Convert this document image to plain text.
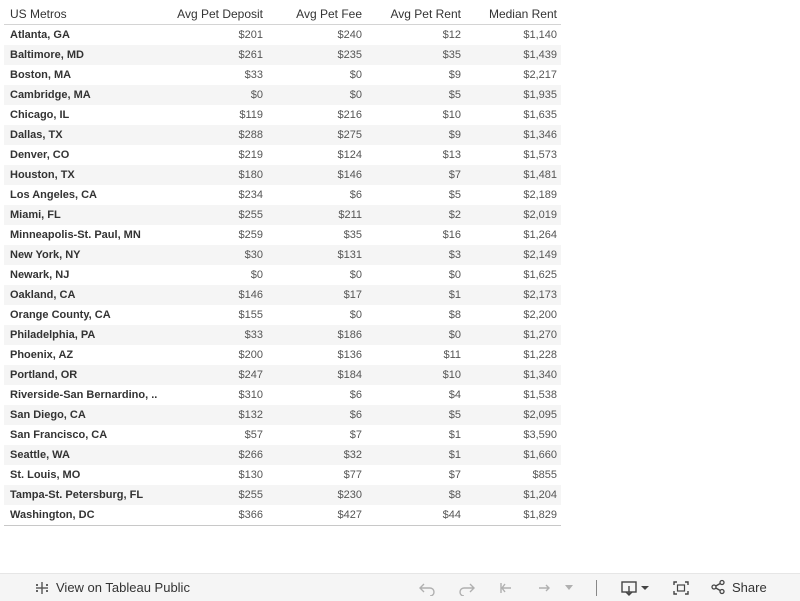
US Metros	Avg Pet Deposit	Avg Pet Fee	Avg Pet Rent	Median Rent
Atlanta, GA	$201	$240	$12	$1,140
Baltimore, MD	$261	$235	$35	$1,439
Boston, MA	$33	$0	$9	$2,217
Cambridge, MA	$0	$0	$5	$1,935
Chicago, IL	$119	$216	$10	$1,635
Dallas, TX	$288	$275	$9	$1,346
Denver, CO	$219	$124	$13	$1,573
Houston, TX	$180	$146	$7	$1,481
Los Angeles, CA	$234	$6	$5	$2,189
Miami, FL	$255	$211	$2	$2,019
Minneapolis-St. Paul, MN	$259	$35	$16	$1,264
New York, NY	$30	$131	$3	$2,149
Newark, NJ	$0	$0	$0	$1,625
Oakland, CA	$146	$17	$1	$2,173
Orange County, CA	$155	$0	$8	$2,200
Philadelphia, PA	$33	$186	$0	$1,270
Phoenix, AZ	$200	$136	$11	$1,228
Portland, OR	$247	$184	$10	$1,340
Riverside-San Bernardino, ..	$310	$6	$4	$1,538
San Diego, CA	$132	$6	$5	$2,095
San Francisco, CA	$57	$7	$1	$3,590
Seattle, WA	$266	$32	$1	$1,660
St. Louis, MO	$130	$77	$7	$855
Tampa-St. Petersburg, FL	$255	$230	$8	$1,204
Washington, DC	$366	$427	$44	$1,829
View on Tableau Public	Share
